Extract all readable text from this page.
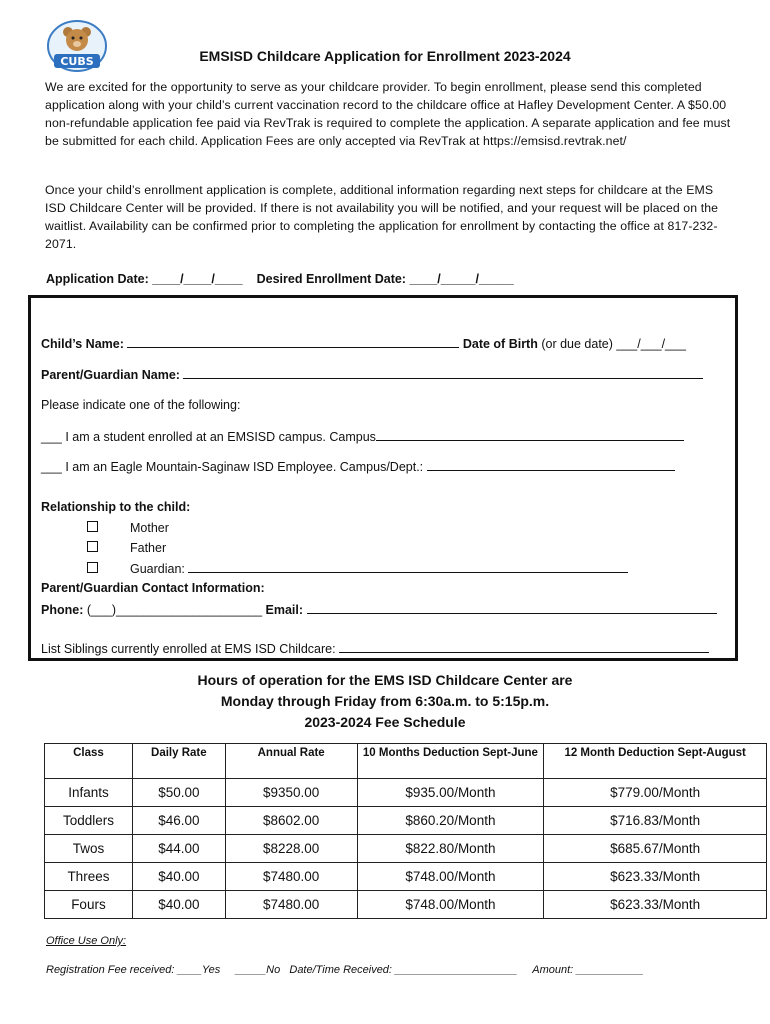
CUBS	EMSISD Childcare Application for Enrollment 2023-2024

We are excited for the opportunity to serve as your childcare provider. To begin enrollment, please send this completed application along with your child’s current vaccination record to the childcare office at Hafley Development Center. A $50.00 non-refundable application fee paid via RevTrak is required to complete the application. A separate application and fee must be submitted for each child. Application Fees are only accepted via RevTrak at https://emsisd.revtrak.net/

Once your child’s enrollment application is complete, additional information regarding next steps for childcare at the EMS ISD Childcare Center will be provided. If there is not availability you will be notified, and your request will be placed on the waitlist. Availability can be confirmed prior to completing the application for enrollment by contacting the office at 817-232-2071.

Application Date: ____/____/____ Desired Enrollment Date: ____/_____/_____
Child’s Name:	Date of Birth (or due date) ___/___/___
Parent/Guardian Name:
Please indicate one of the following:
___ I am a student enrolled at an EMSISD campus. Campus
___ I am an Eagle Mountain-Saginaw ISD Employee. Campus/Dept.:
Relationship to the child:
Mother
Father
Guardian:
Parent/Guardian Contact Information:
Phone: (___)_____________________ Email:
List Siblings currently enrolled at EMS ISD Childcare:
Hours of operation for the EMS ISD Childcare Center are
Monday through Friday from 6:30a.m. to 5:15p.m.
2023-2024 Fee Schedule
Class	Daily Rate	Annual Rate	10 Months Deduction Sept-June	12 Month Deduction Sept-August
Infants	$50.00	$9350.00	$935.00/Month	$779.00/Month
Toddlers	$46.00	$8602.00	$860.20/Month	$716.83/Month
Twos	$44.00	$8228.00	$822.80/Month	$685.67/Month
Threes	$40.00	$7480.00	$748.00/Month	$623.33/Month
Fours	$40.00	$7480.00	$748.00/Month	$623.33/Month
Office Use Only:
Registration Fee received: ____Yes     _____No   Date/Time Received: ____________________     Amount: ___________
